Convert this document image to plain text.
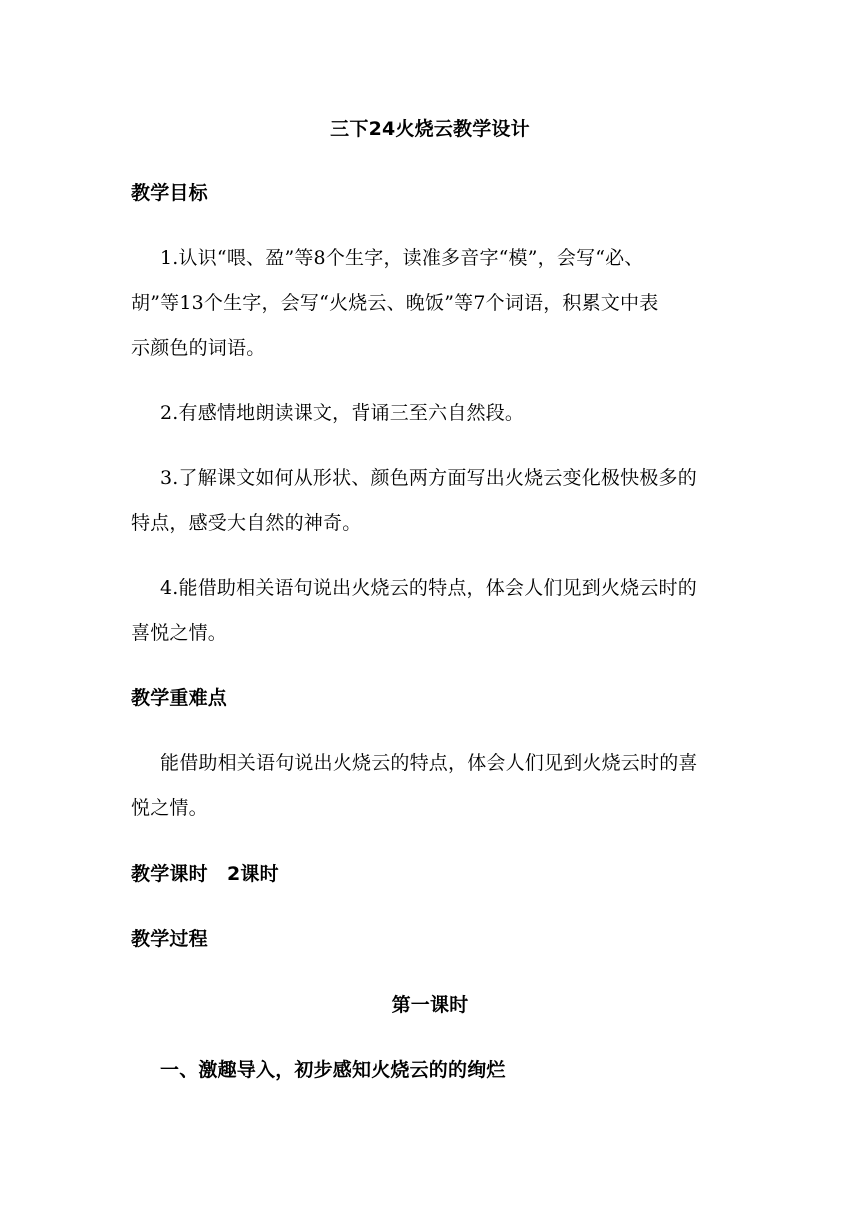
三下24火烧云教学设计
教学目标
1.认识“喂、盈”等8个生字，读准多音字“模”，会写“必、
胡”等13个生字，会写“火烧云、晚饭”等7个词语，积累文中表
示颜色的词语。
2.有感情地朗读课文，背诵三至六自然段。
3.了解课文如何从形状、颜色两方面写出火烧云变化极快极多的
特点，感受大自然的神奇。
4.能借助相关语句说出火烧云的特点，体会人们见到火烧云时的
喜悦之情。
教学重难点
能借助相关语句说出火烧云的特点，体会人们见到火烧云时的喜
悦之情。
教学课时　2课时
教学过程
第一课时
一、激趣导入，初步感知火烧云的的绚烂
